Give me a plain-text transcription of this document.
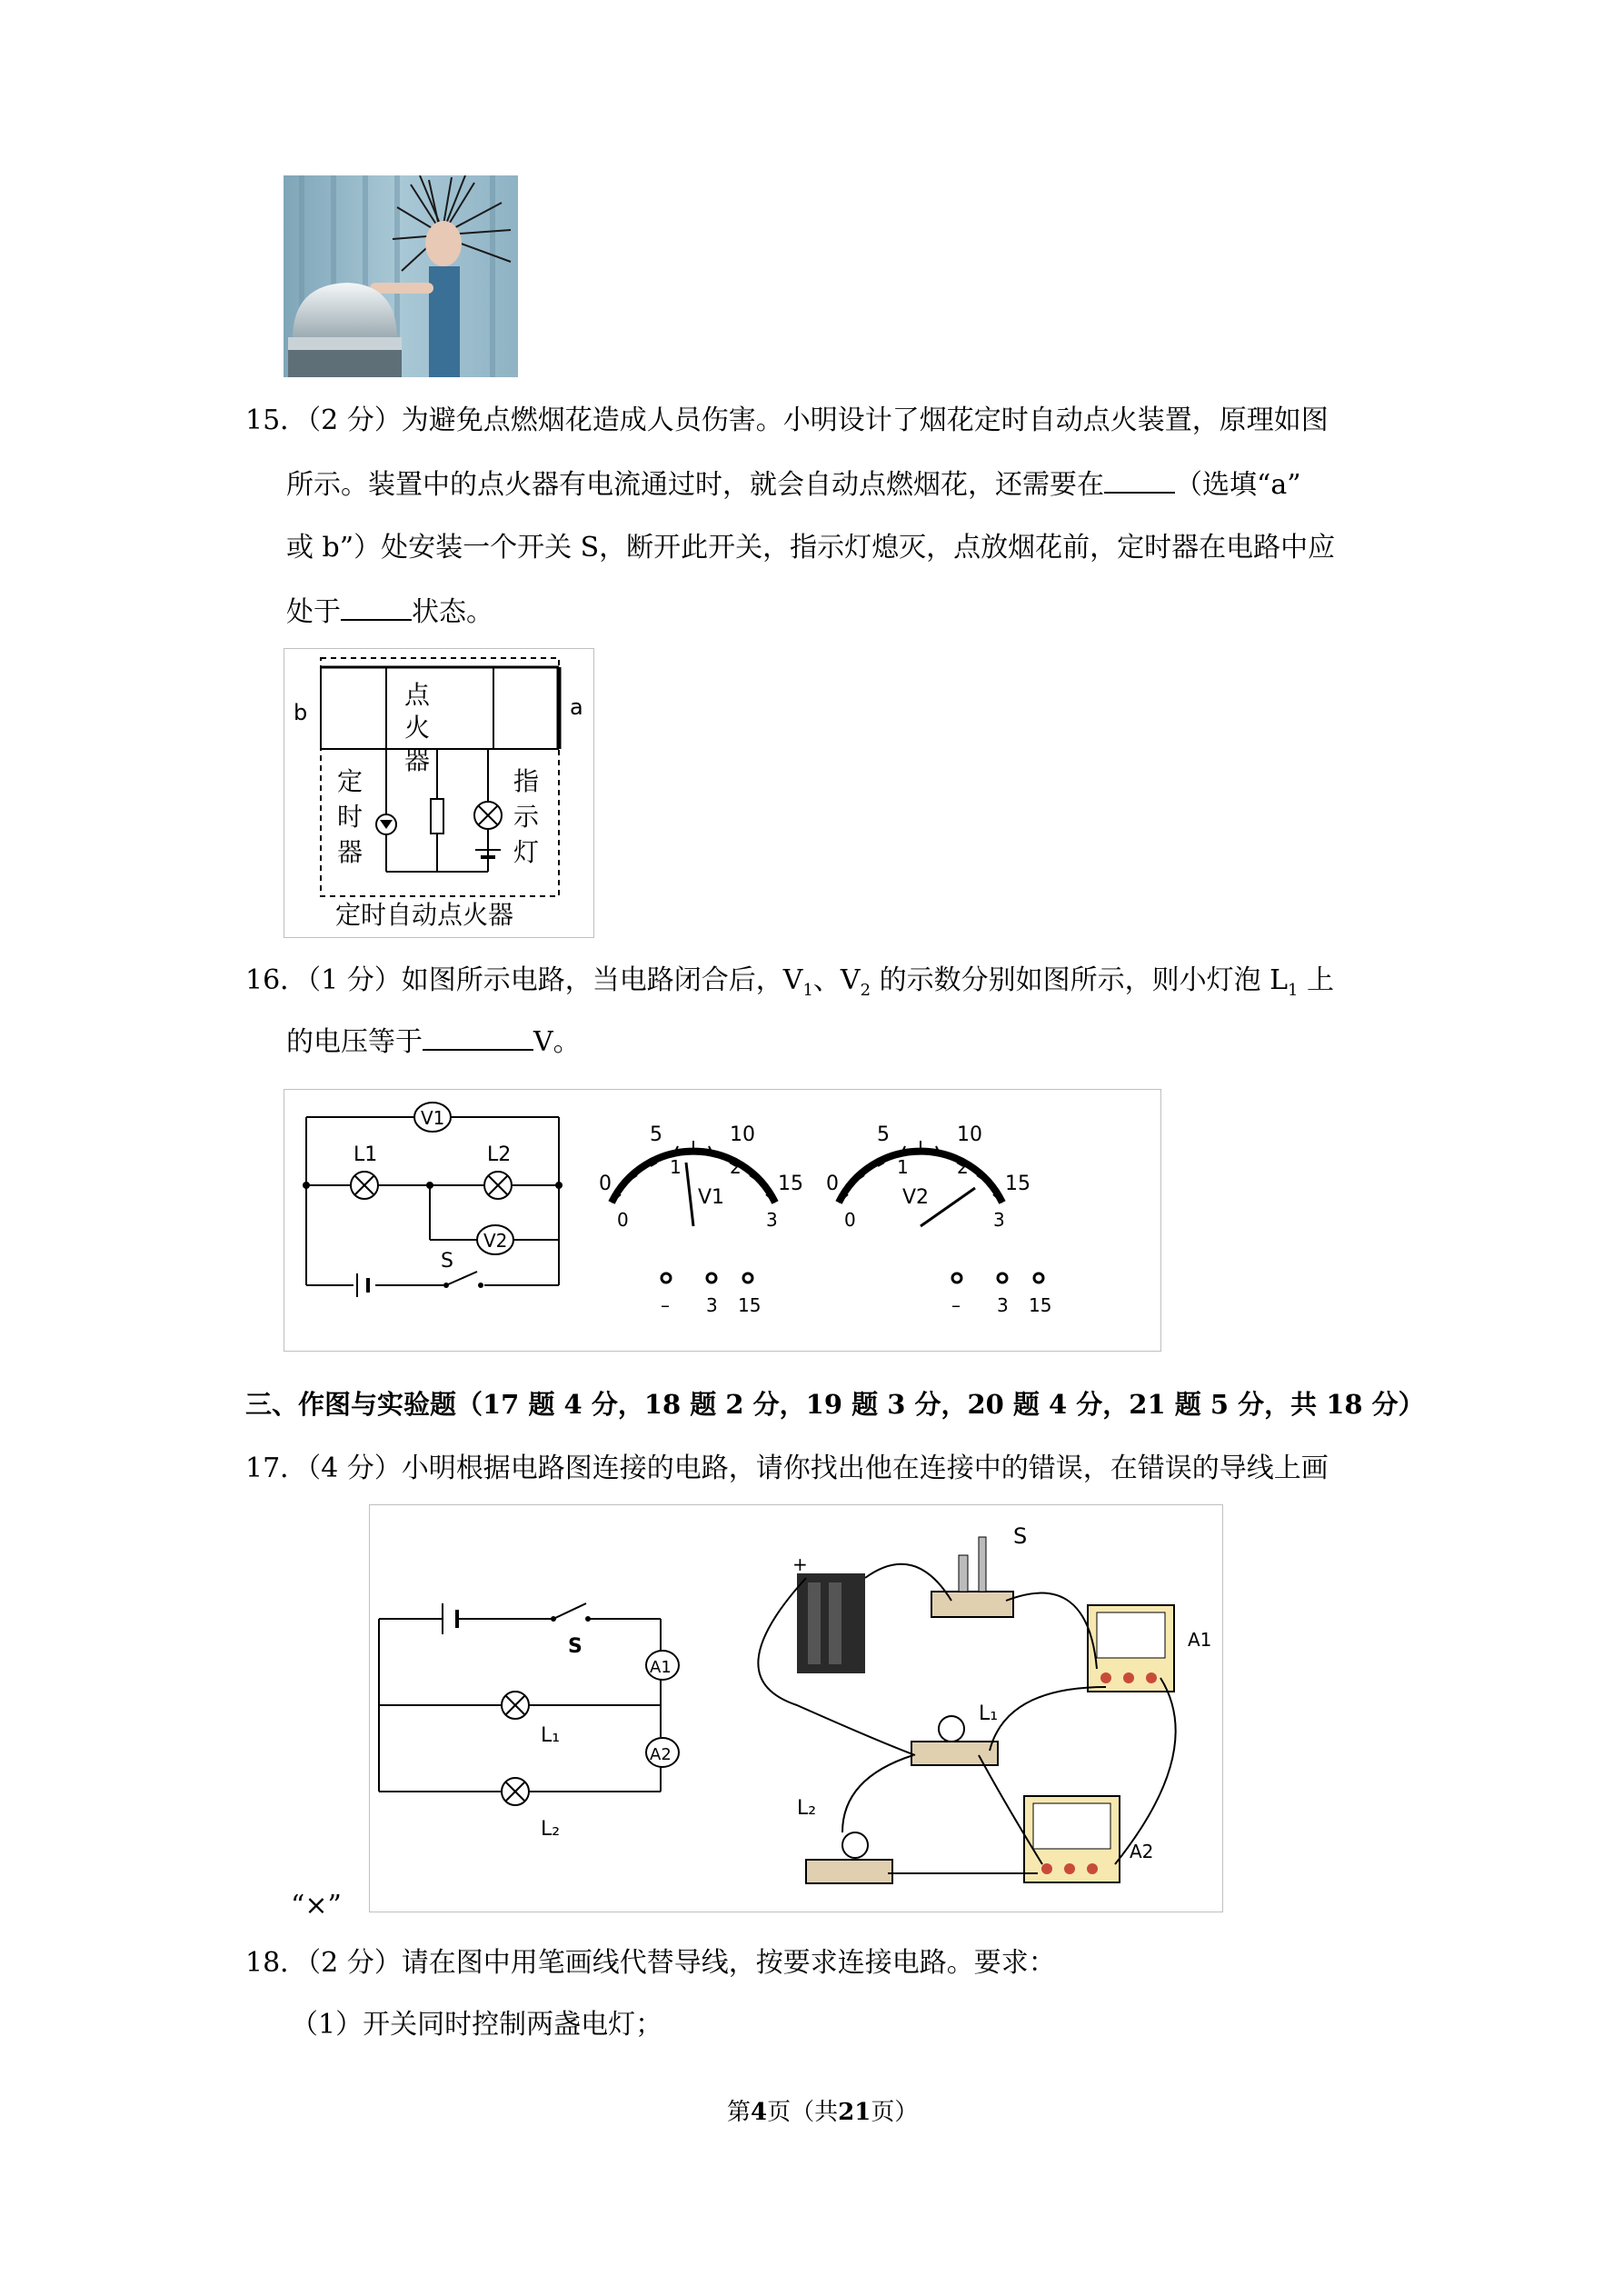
15．（2 分）为避免点燃烟花造成人员伤害。小明设计了烟花定时自动点火装置，原理如图
所示。装置中的点火器有电流通过时，就会自动点燃烟花，还需要在	（选填“a”
或 b”）处安装一个开关 S，断开此开关，指示灯熄灭，点放烟花前，定时器在电路中应
处于	状态。
b	a
点
火
器
定
时
器
指
示
灯
定时自动点火器
16．（1 分）如图所示电路，当电路闭合后，$V_1$、$V_2$ 的示数分别如图所示，则小灯泡 $L_1$ 上
的电压等于	V。
V1
V2
L1	L2
S
0
5	10
15
0
1	2
3
V1
– 3 15
0
5	10
15
0
1	2
3
V2
– 3 15
三、作图与实验题（17 题 4 分，18 题 2 分，19 题 3 分，20 题 4 分，21 题 5 分，共 18 分）
17．（4 分）小明根据电路图连接的电路，请你找出他在连接中的错误，在错误的导线上画
S
A1
A2
L₁
L₂
+
S
A1
L₁
L₂
A2
“×”
18．（2 分）请在图中用笔画线代替导线，按要求连接电路。要求：
（1）开关同时控制两盏电灯；
第4页（共21页）
